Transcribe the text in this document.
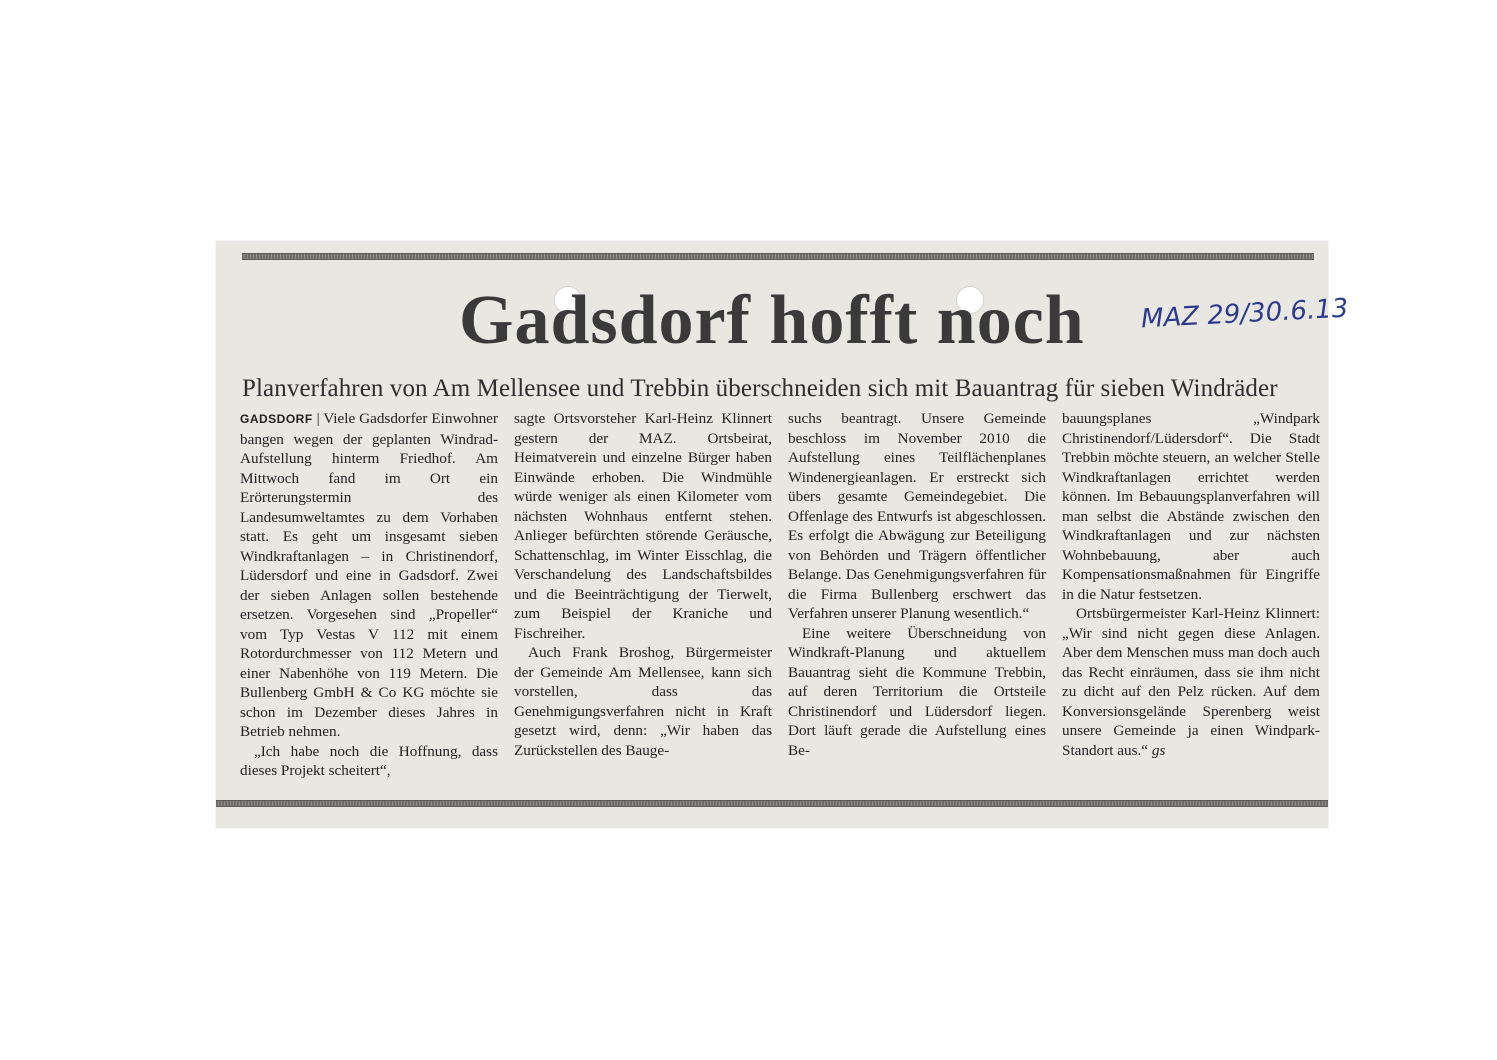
Gadsdorf hofft noch MAZ 29/30.6.13
Planverfahren von Am Mellensee und Trebbin überschneiden sich mit Bauantrag für sieben Windräder

GADSDORF | Viele Gadsdorfer Einwohner bangen wegen der geplanten Windrad-Aufstellung hinterm Friedhof. Am Mittwoch fand im Ort ein Erörterungstermin des Landesumweltamtes zu dem Vorhaben statt. Es geht um insgesamt sieben Windkraftanlagen – in Christinendorf, Lüdersdorf und eine in Gadsdorf. Zwei der sieben Anlagen sollen bestehende ersetzen. Vorgesehen sind „Propeller“ vom Typ Vestas V 112 mit einem Rotordurchmesser von 112 Metern und einer Nabenhöhe von 119 Metern. Die Bullenberg GmbH & Co KG möchte sie schon im Dezember dieses Jahres in Betrieb nehmen.

„Ich habe noch die Hoffnung, dass dieses Projekt scheitert“,

sagte Ortsvorsteher Karl-Heinz Klinnert gestern der MAZ. Ortsbeirat, Heimatverein und einzelne Bürger haben Einwände erhoben. Die Windmühle würde weniger als einen Kilometer vom nächsten Wohnhaus entfernt stehen. Anlieger befürchten störende Geräusche, Schattenschlag, im Winter Eisschlag, die Verschandelung des Landschaftsbildes und die Beeinträchtigung der Tierwelt, zum Beispiel der Kraniche und Fischreiher.

Auch Frank Broshog, Bürgermeister der Gemeinde Am Mellensee, kann sich vorstellen, dass das Genehmigungsverfahren nicht in Kraft gesetzt wird, denn: „Wir haben das Zurückstellen des Bauge-

suchs beantragt. Unsere Gemeinde beschloss im November 2010 die Aufstellung eines Teilflächenplanes Windenergieanlagen. Er erstreckt sich übers gesamte Gemeindegebiet. Die Offenlage des Entwurfs ist abgeschlossen. Es erfolgt die Abwägung zur Beteiligung von Behörden und Trägern öffentlicher Belange. Das Genehmigungsverfahren für die Firma Bullenberg erschwert das Verfahren unserer Planung wesentlich.“

Eine weitere Überschneidung von Windkraft-Planung und aktuellem Bauantrag sieht die Kommune Trebbin, auf deren Territorium die Ortsteile Christinendorf und Lüdersdorf liegen. Dort läuft gerade die Aufstellung eines Be-

bauungsplanes „Windpark Christinendorf/Lüdersdorf“. Die Stadt Trebbin möchte steuern, an welcher Stelle Windkraftanlagen errichtet werden können. Im Bebauungsplanverfahren will man selbst die Abstände zwischen den Windkraftanlagen und zur nächsten Wohnbebauung, aber auch Kompensationsmaßnahmen für Eingriffe in die Natur festsetzen.

Ortsbürgermeister Karl-Heinz Klinnert: „Wir sind nicht gegen diese Anlagen. Aber dem Menschen muss man doch auch das Recht einräumen, dass sie ihm nicht zu dicht auf den Pelz rücken. Auf dem Konversionsgelände Sperenberg weist unsere Gemeinde ja einen Windpark-Standort aus.“ gs
